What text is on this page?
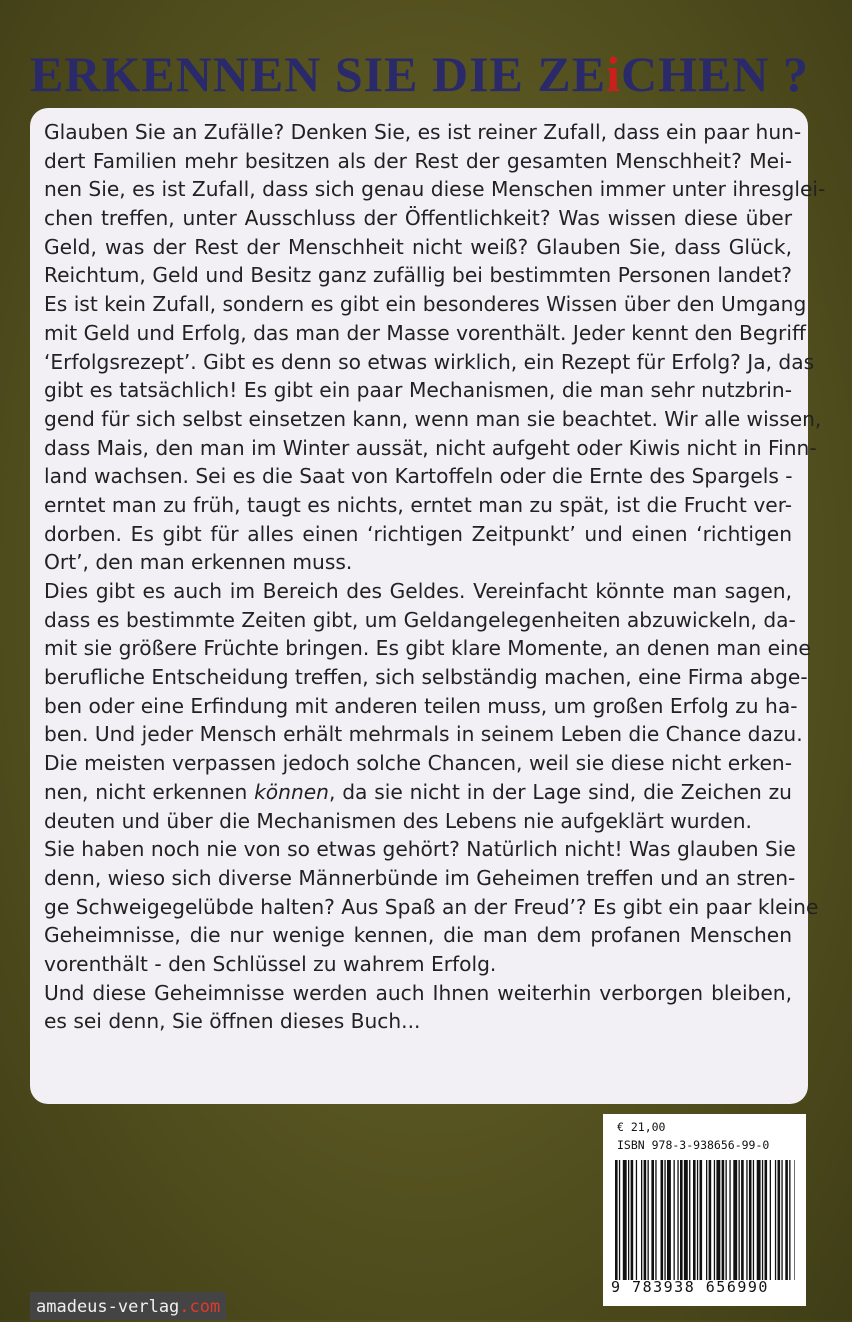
ERKENNEN SIE DIE ZEiCHEN ?
Glauben Sie an Zufälle? Denken Sie, es ist reiner Zufall, dass ein paar hun-
dert Familien mehr besitzen als der Rest der gesamten Menschheit? Mei-
nen Sie, es ist Zufall, dass sich genau diese Menschen immer unter ihresglei-
chen treffen, unter Ausschluss der Öffentlichkeit? Was wissen diese über
Geld, was der Rest der Menschheit nicht weiß? Glauben Sie, dass Glück,
Reichtum, Geld und Besitz ganz zufällig bei bestimmten Personen landet?
Es ist kein Zufall, sondern es gibt ein besonderes Wissen über den Umgang
mit Geld und Erfolg, das man der Masse vorenthält. Jeder kennt den Begriff
‘Erfolgsrezept’. Gibt es denn so etwas wirklich, ein Rezept für Erfolg? Ja, das
gibt es tatsächlich! Es gibt ein paar Mechanismen, die man sehr nutzbrin-
gend für sich selbst einsetzen kann, wenn man sie beachtet. Wir alle wissen,
dass Mais, den man im Winter aussät, nicht aufgeht oder Kiwis nicht in Finn-
land wachsen. Sei es die Saat von Kartoffeln oder die Ernte des Spargels -
erntet man zu früh, taugt es nichts, erntet man zu spät, ist die Frucht ver-
dorben. Es gibt für alles einen ‘richtigen Zeitpunkt’ und einen ‘richtigen
Ort’, den man erkennen muss.
Dies gibt es auch im Bereich des Geldes. Vereinfacht könnte man sagen,
dass es bestimmte Zeiten gibt, um Geldangelegenheiten abzuwickeln, da-
mit sie größere Früchte bringen. Es gibt klare Momente, an denen man eine
berufliche Entscheidung treffen, sich selbständig machen, eine Firma abge-
ben oder eine Erfindung mit anderen teilen muss, um großen Erfolg zu ha-
ben. Und jeder Mensch erhält mehrmals in seinem Leben die Chance dazu.
Die meisten verpassen jedoch solche Chancen, weil sie diese nicht erken-
nen, nicht erkennen können, da sie nicht in der Lage sind, die Zeichen zu
deuten und über die Mechanismen des Lebens nie aufgeklärt wurden.
Sie haben noch nie von so etwas gehört? Natürlich nicht! Was glauben Sie
denn, wieso sich diverse Männerbünde im Geheimen treffen und an stren-
ge Schweigegelübde halten? Aus Spaß an der Freud’? Es gibt ein paar kleine
Geheimnisse, die nur wenige kennen, die man dem profanen Menschen
vorenthält - den Schlüssel zu wahrem Erfolg.
Und diese Geheimnisse werden auch Ihnen weiterhin verborgen bleiben,
es sei denn, Sie öffnen dieses Buch...
€ 21,00
ISBN 978-3-938656-99-0
9 783938 656990
amadeus-verlag.com
